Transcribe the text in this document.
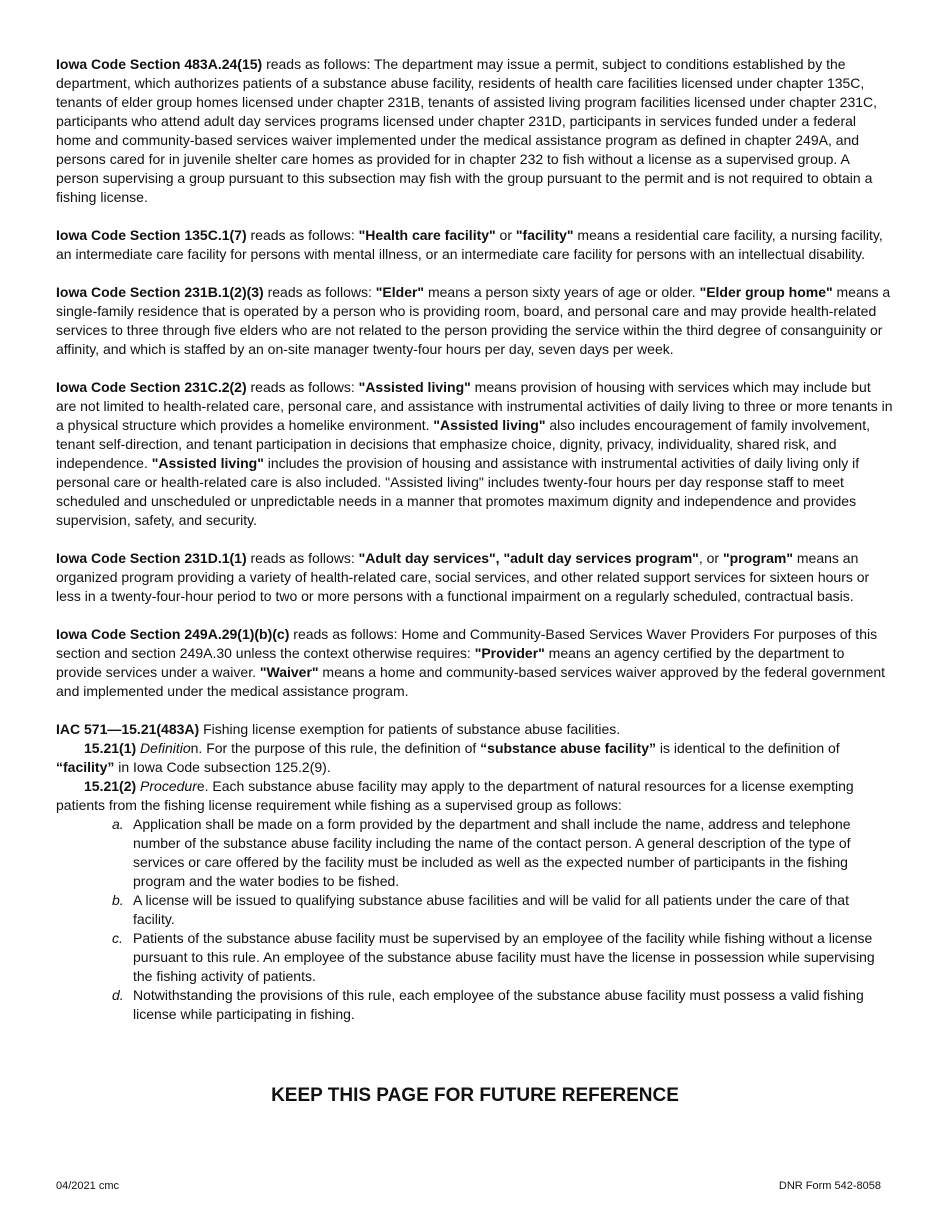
Iowa Code Section 483A.24(15) reads as follows: The department may issue a permit, subject to conditions established by the department, which authorizes patients of a substance abuse facility, residents of health care facilities licensed under chapter 135C, tenants of elder group homes licensed under chapter 231B, tenants of assisted living program facilities licensed under chapter 231C, participants who attend adult day services programs licensed under chapter 231D, participants in services funded under a federal home and community-based services waiver implemented under the medical assistance program as defined in chapter 249A, and persons cared for in juvenile shelter care homes as provided for in chapter 232 to fish without a license as a supervised group. A person supervising a group pursuant to this subsection may fish with the group pursuant to the permit and is not required to obtain a fishing license.

Iowa Code Section 135C.1(7) reads as follows: "Health care facility" or "facility" means a residential care facility, a nursing facility, an intermediate care facility for persons with mental illness, or an intermediate care facility for persons with an intellectual disability.

Iowa Code Section 231B.1(2)(3) reads as follows: "Elder" means a person sixty years of age or older. "Elder group home" means a single-family residence that is operated by a person who is providing room, board, and personal care and may provide health-related services to three through five elders who are not related to the person providing the service within the third degree of consanguinity or affinity, and which is staffed by an on-site manager twenty-four hours per day, seven days per week.

Iowa Code Section 231C.2(2) reads as follows: "Assisted living" means provision of housing with services which may include but are not limited to health-related care, personal care, and assistance with instrumental activities of daily living to three or more tenants in a physical structure which provides a homelike environment. "Assisted living" also includes encouragement of family involvement, tenant self-direction, and tenant participation in decisions that emphasize choice, dignity, privacy, individuality, shared risk, and independence. "Assisted living" includes the provision of housing and assistance with instrumental activities of daily living only if personal care or health-related care is also included. "Assisted living" includes twenty-four hours per day response staff to meet scheduled and unscheduled or unpredictable needs in a manner that promotes maximum dignity and independence and provides supervision, safety, and security.

Iowa Code Section 231D.1(1) reads as follows: "Adult day services", "adult day services program", or "program" means an organized program providing a variety of health-related care, social services, and other related support services for sixteen hours or less in a twenty-four-hour period to two or more persons with a functional impairment on a regularly scheduled, contractual basis.

Iowa Code Section 249A.29(1)(b)(c) reads as follows: Home and Community-Based Services Waver Providers For purposes of this section and section 249A.30 unless the context otherwise requires: "Provider" means an agency certified by the department to provide services under a waiver. "Waiver" means a home and community-based services waiver approved by the federal government and implemented under the medical assistance program.

IAC 571—15.21(483A) Fishing license exemption for patients of substance abuse facilities.

15.21(1) Definition. For the purpose of this rule, the definition of “substance abuse facility” is identical to the definition of “facility” in Iowa Code subsection 125.2(9).

15.21(2) Procedure. Each substance abuse facility may apply to the department of natural resources for a license exempting patients from the fishing license requirement while fishing as a supervised group as follows:

a. Application shall be made on a form provided by the department and shall include the name, address and telephone number of the substance abuse facility including the name of the contact person. A general description of the type of services or care offered by the facility must be included as well as the expected number of participants in the fishing program and the water bodies to be fished.
b. A license will be issued to qualifying substance abuse facilities and will be valid for all patients under the care of that facility.
c. Patients of the substance abuse facility must be supervised by an employee of the facility while fishing without a license pursuant to this rule. An employee of the substance abuse facility must have the license in possession while supervising the fishing activity of patients.
d. Notwithstanding the provisions of this rule, each employee of the substance abuse facility must possess a valid fishing license while participating in fishing.

KEEP THIS PAGE FOR FUTURE REFERENCE

04/2021 cmc	DNR Form 542-8058
